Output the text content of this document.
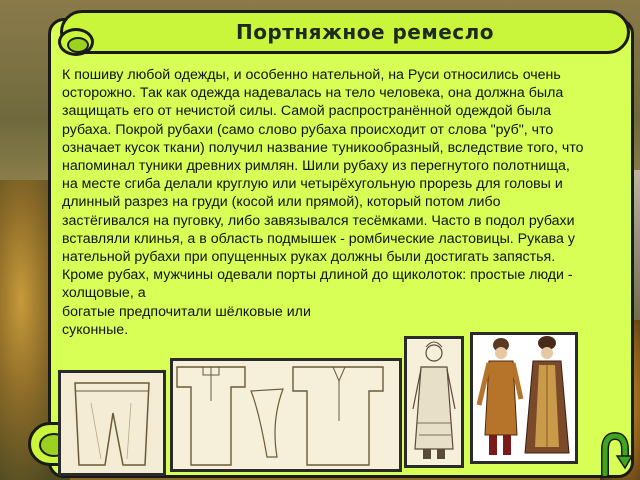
Портняжное ремесло
К пошиву любой одежды, и особенно нательной, на Руси относились очень осторожно. Так как одежда надевалась на тело человека, она должна была защищать его от нечистой силы. Самой распространённой одеждой была рубаха. Покрой рубахи (само слово рубаха происходит от слова "руб", что означает кусок ткани) получил название туникообразный, вследствие того, что напоминал туники древних римлян. Шили рубаху из перегнутого полотнища, на месте сгиба делали круглую или четырёхугольную прорезь для головы и длинный разрез на груди (косой или прямой), который потом либо застёгивался на пуговку, либо завязывался тесёмками. Часто в подол рубахи вставляли клинья, а в область подмышек - ромбические ластовицы. Рукава у нательной рубахи при опущенных руках должны были достигать запястья. Кроме рубах, мужчины одевали порты длиной до щиколоток: простые люди - холщовые, а
богатые предпочитали шёлковые или
суконные.
